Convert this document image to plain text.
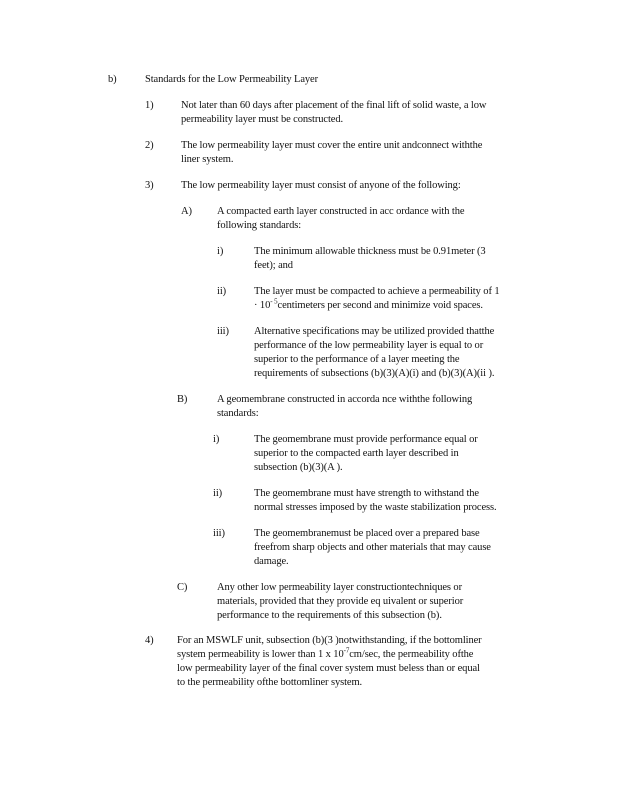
b)	Standards for the Low Permeability Layer
1)	Not later than 60 days after placement of the final lift of solid waste, a low
permeability layer must be constructed.
2)	The low permeability layer must cover the entire unit andconnect withthe
liner system.
3)	The low permeability layer must consist of anyone of the following:
A) A compacted earth layer constructed in acc ordance with the
following standards:
i)	The minimum allowable thickness must be 0.91meter (3
feet); and
ii)	The layer must be compacted to achieve a permeability of 1
· $10^{- 5}centimeters$ per second and minimize void spaces.
iii) Alternative specifications may be utilized provided thatthe
performance of the low permeability layer is equal to or
superior to the performance of a layer meeting the
requirements of subsections (b)(3)(A)(i) and (b)(3)(A)(ii ).
B)	A geomembrane constructed in accorda nce withthe following
standards:
i)	The geomembrane must provide performance equal or
superior to the compacted earth layer described in
subsection (b)(3)(A ).
ii)	The geomembrane must have strength to withstand the
normal stresses imposed by the waste stabilization process.
iii)	The geomembranemust be placed over a prepared base
freefrom sharp objects and other materials that may cause
damage.
C)	Any other low permeability layer constructiontechniques or
materials, provided that they provide eq uivalent or superior
performance to the requirements of this subsection (b).
4) For an MSWLF unit, subsection (b)(3 )notwithstanding, if the bottomliner
system permeability is lower than 1 x $10^{-7}cm/\sec$, the permeability ofthe
low permeability layer of the final cover system must beless than or equal
to the permeability ofthe bottomliner system.
